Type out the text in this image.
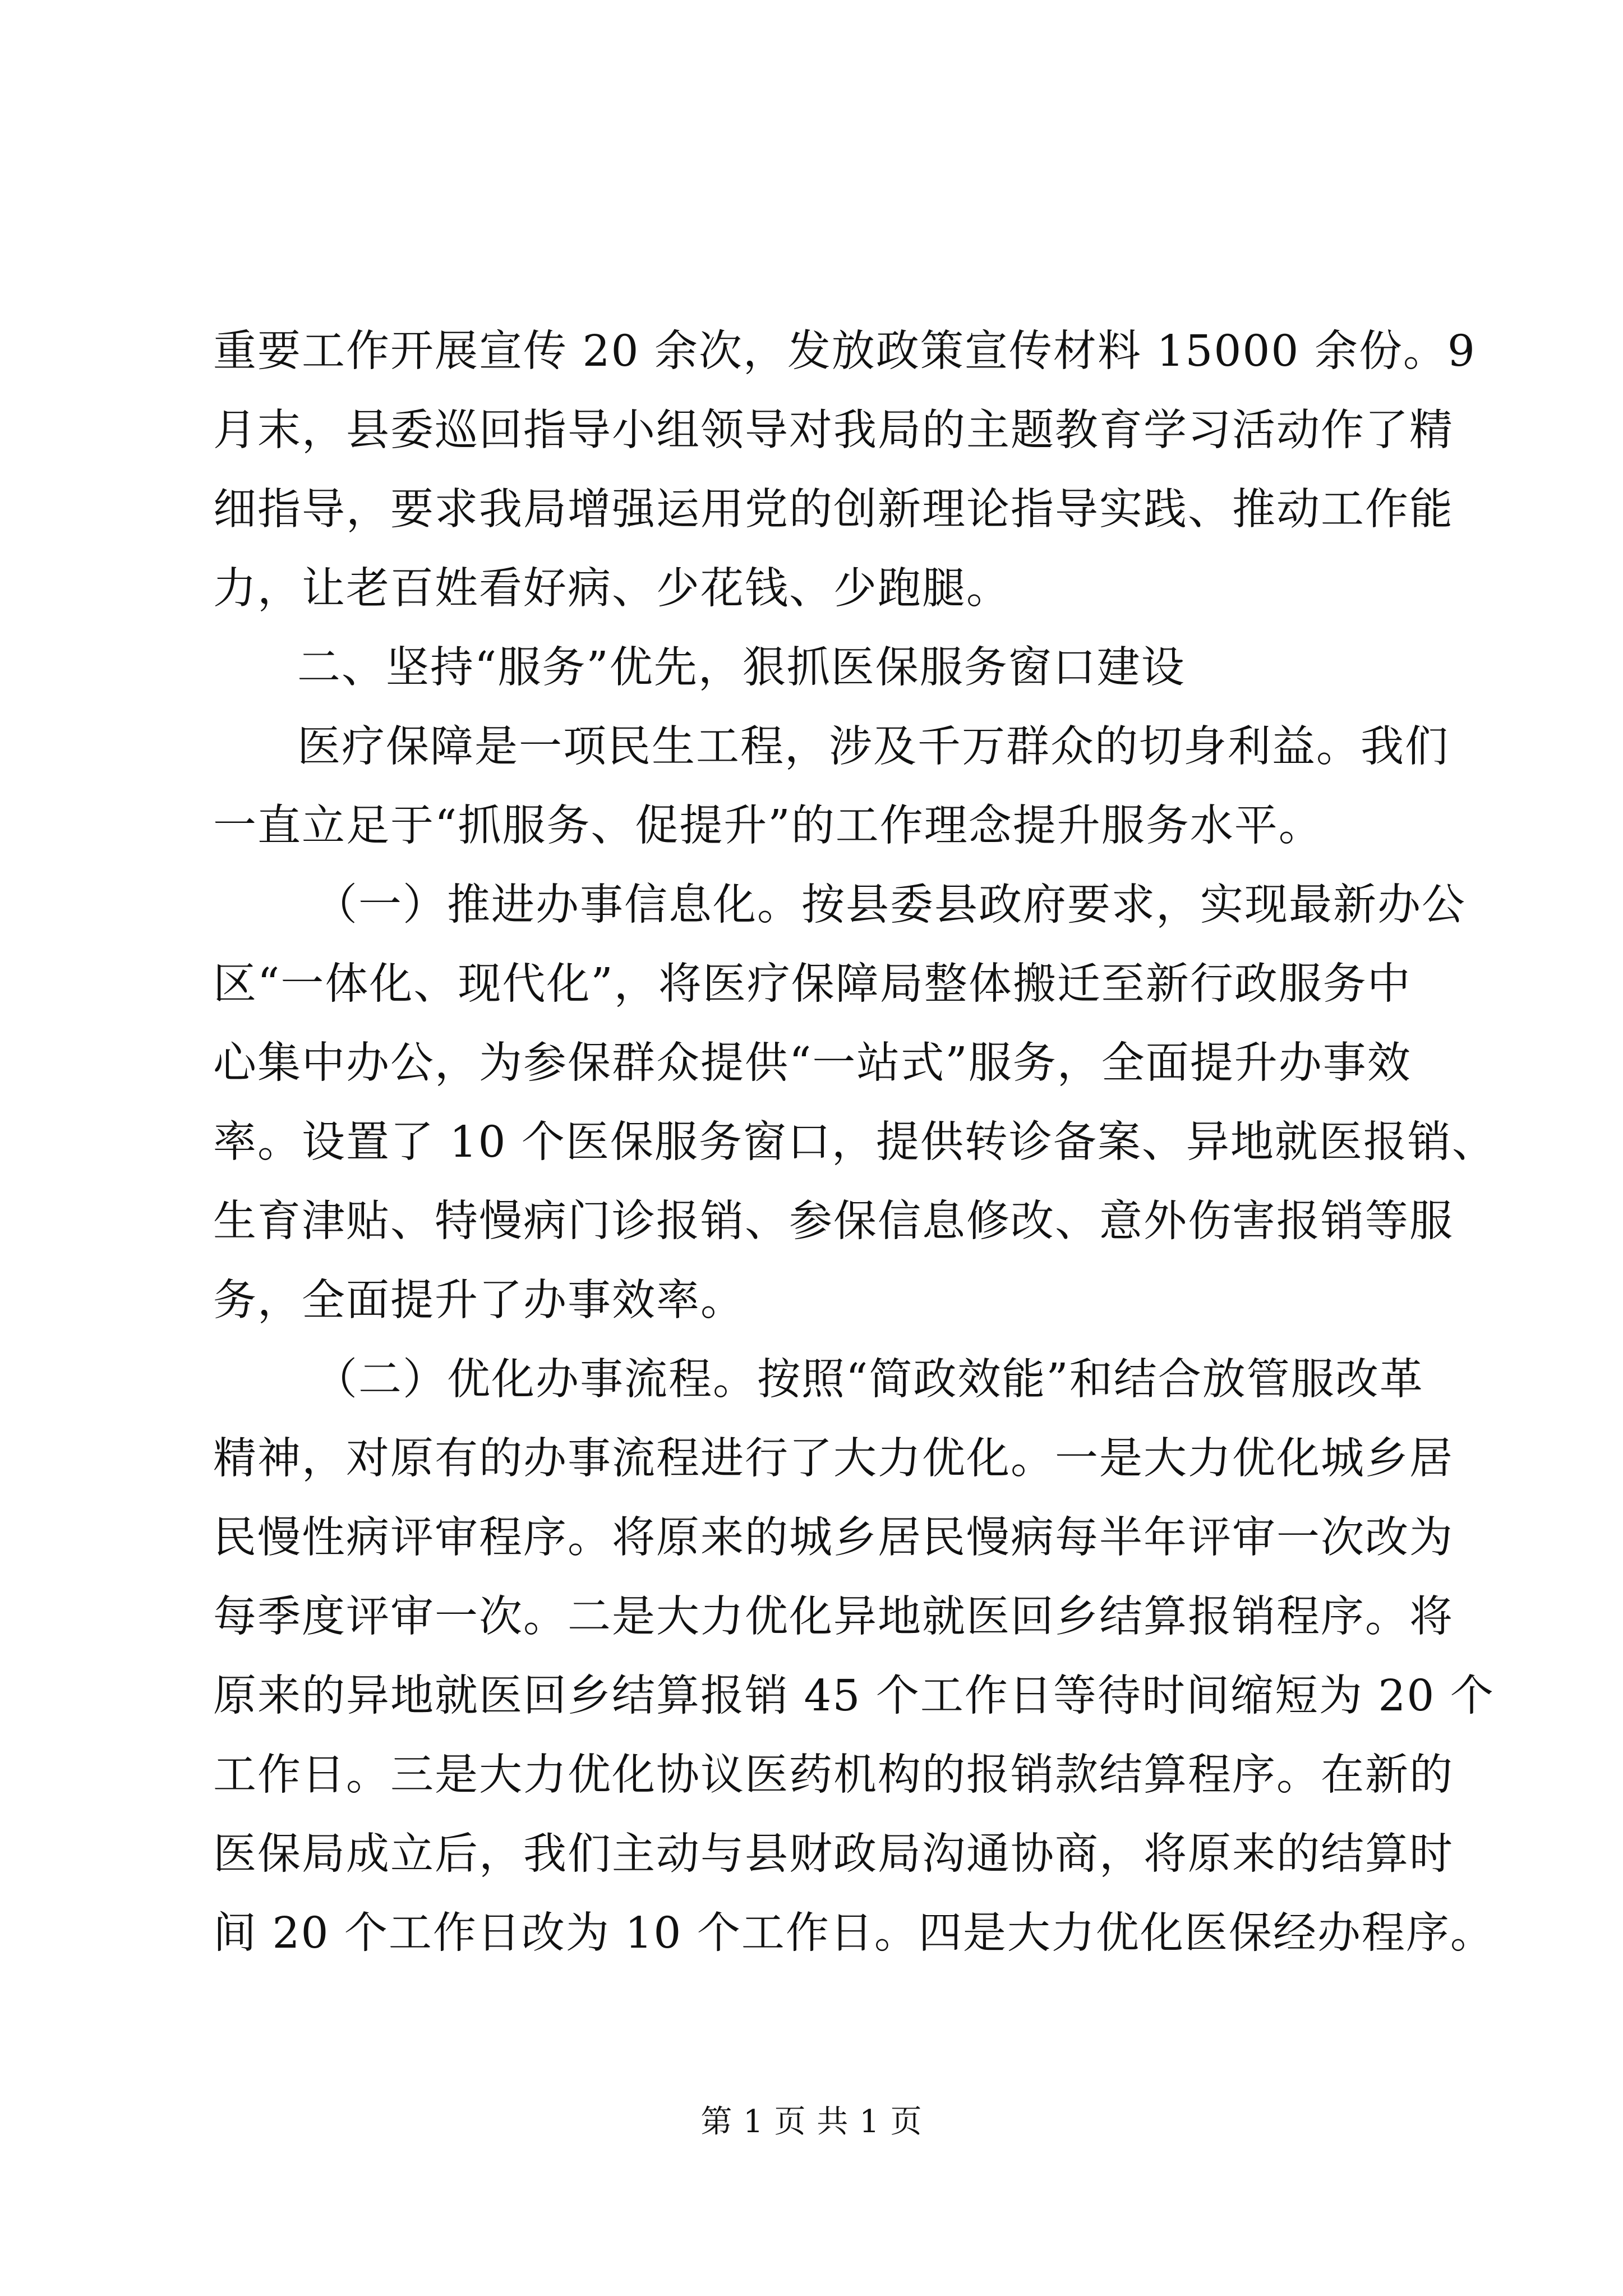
重要工作开展宣传 20 余次，发放政策宣传材料 15000 余份。9
月末，县委巡回指导小组领导对我局的主题教育学习活动作了精
细指导，要求我局增强运用党的创新理论指导实践、推动工作能
力，让老百姓看好病、少花钱、少跑腿。
二、坚持“服务”优先，狠抓医保服务窗口建设
医疗保障是一项民生工程，涉及千万群众的切身利益。我们
一直立足于“抓服务、促提升”的工作理念提升服务水平。
（一）推进办事信息化。按县委县政府要求，实现最新办公
区“一体化、现代化”，将医疗保障局整体搬迁至新行政服务中
心集中办公，为参保群众提供“一站式”服务，全面提升办事效
率。设置了 10 个医保服务窗口，提供转诊备案、异地就医报销、
生育津贴、特慢病门诊报销、参保信息修改、意外伤害报销等服
务，全面提升了办事效率。
（二）优化办事流程。按照“简政效能”和结合放管服改革
精神，对原有的办事流程进行了大力优化。一是大力优化城乡居
民慢性病评审程序。将原来的城乡居民慢病每半年评审一次改为
每季度评审一次。二是大力优化异地就医回乡结算报销程序。将
原来的异地就医回乡结算报销 45 个工作日等待时间缩短为 20 个
工作日。三是大力优化协议医药机构的报销款结算程序。在新的
医保局成立后，我们主动与县财政局沟通协商，将原来的结算时
间 20 个工作日改为 10 个工作日。四是大力优化医保经办程序。
第 1 页 共 1 页
